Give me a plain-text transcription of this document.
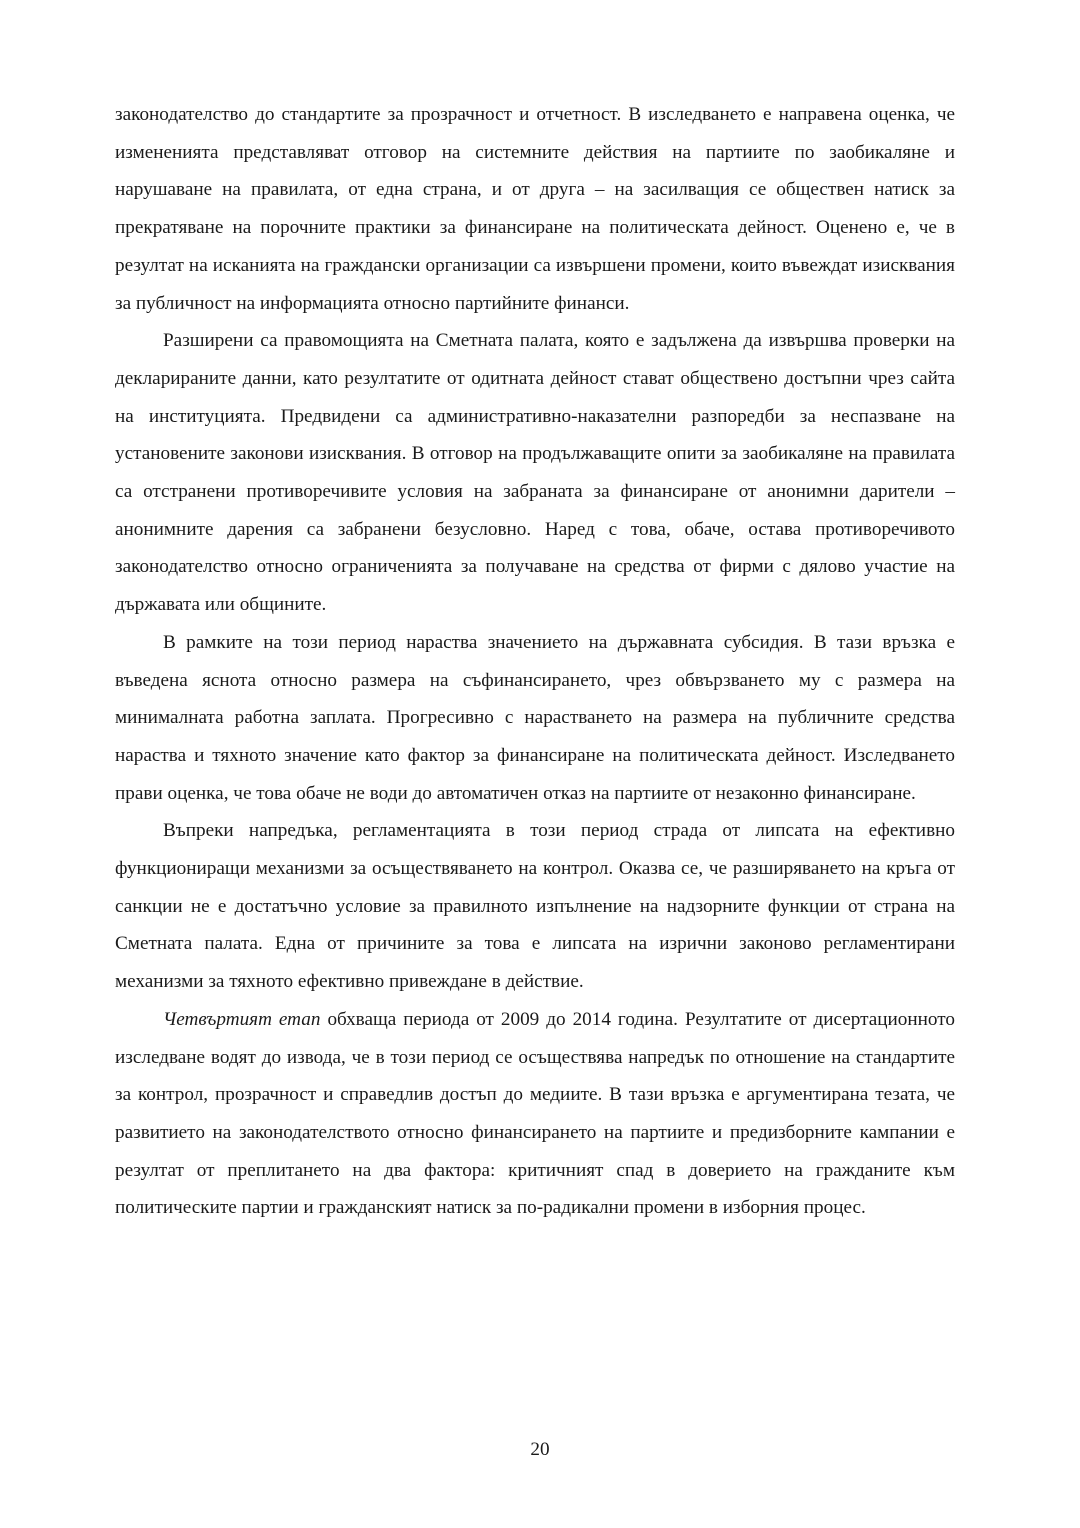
законодателство до стандартите за прозрачност и отчетност. В изследването е направена оценка, че измененията представляват отговор на системните действия на партиите по заобикаляне и нарушаване на правилата, от една страна, и от друга – на засилващия се обществен натиск за прекратяване на порочните практики за финансиране на политическата дейност. Оценено е, че в резултат на исканията на граждански организации са извършени промени, които въвеждат изисквания за публичност на информацията относно партийните финанси.

Разширени са правомощията на Сметната палата, която е задължена да извършва проверки на декларираните данни, като резултатите от одитната дейност стават обществено достъпни чрез сайта на институцията. Предвидени са административно-наказателни разпоредби за неспазване на установените законови изисквания. В отговор на продължаващите опити за заобикаляне на правилата са отстранени противоречивите условия на забраната за финансиране от анонимни дарители – анонимните дарения са забранени безусловно. Наред с това, обаче, остава противоречивото законодателство относно ограниченията за получаване на средства от фирми с дялово участие на държавата или общините.

В рамките на този период нараства значението на държавната субсидия. В тази връзка е въведена яснота относно размера на съфинансирането, чрез обвързването му с размера на минималната работна заплата. Прогресивно с нарастването на размера на публичните средства нараства и тяхното значение като фактор за финансиране на политическата дейност. Изследването прави оценка, че това обаче не води до автоматичен отказ на партиите от незаконно финансиране.

Въпреки напредъка, регламентацията в този период страда от липсата на ефективно функциониращи механизми за осъществяването на контрол. Оказва се, че разширяването на кръга от санкции не е достатъчно условие за правилното изпълнение на надзорните функции от страна на Сметната палата. Една от причините за това е липсата на изрични законово регламентирани механизми за тяхното ефективно привеждане в действие.

Четвъртият етап обхваща периода от 2009 до 2014 година. Резултатите от дисертационното изследване водят до извода, че в този период се осъществява напредък по отношение на стандартите за контрол, прозрачност и справедлив достъп до медиите. В тази връзка е аргументирана тезата, че развитието на законодателството относно финансирането на партиите и предизборните кампании е резултат от преплитането на два фактора: критичният спад в доверието на гражданите към политическите партии и гражданският натиск за по-радикални промени в изборния процес.

20
